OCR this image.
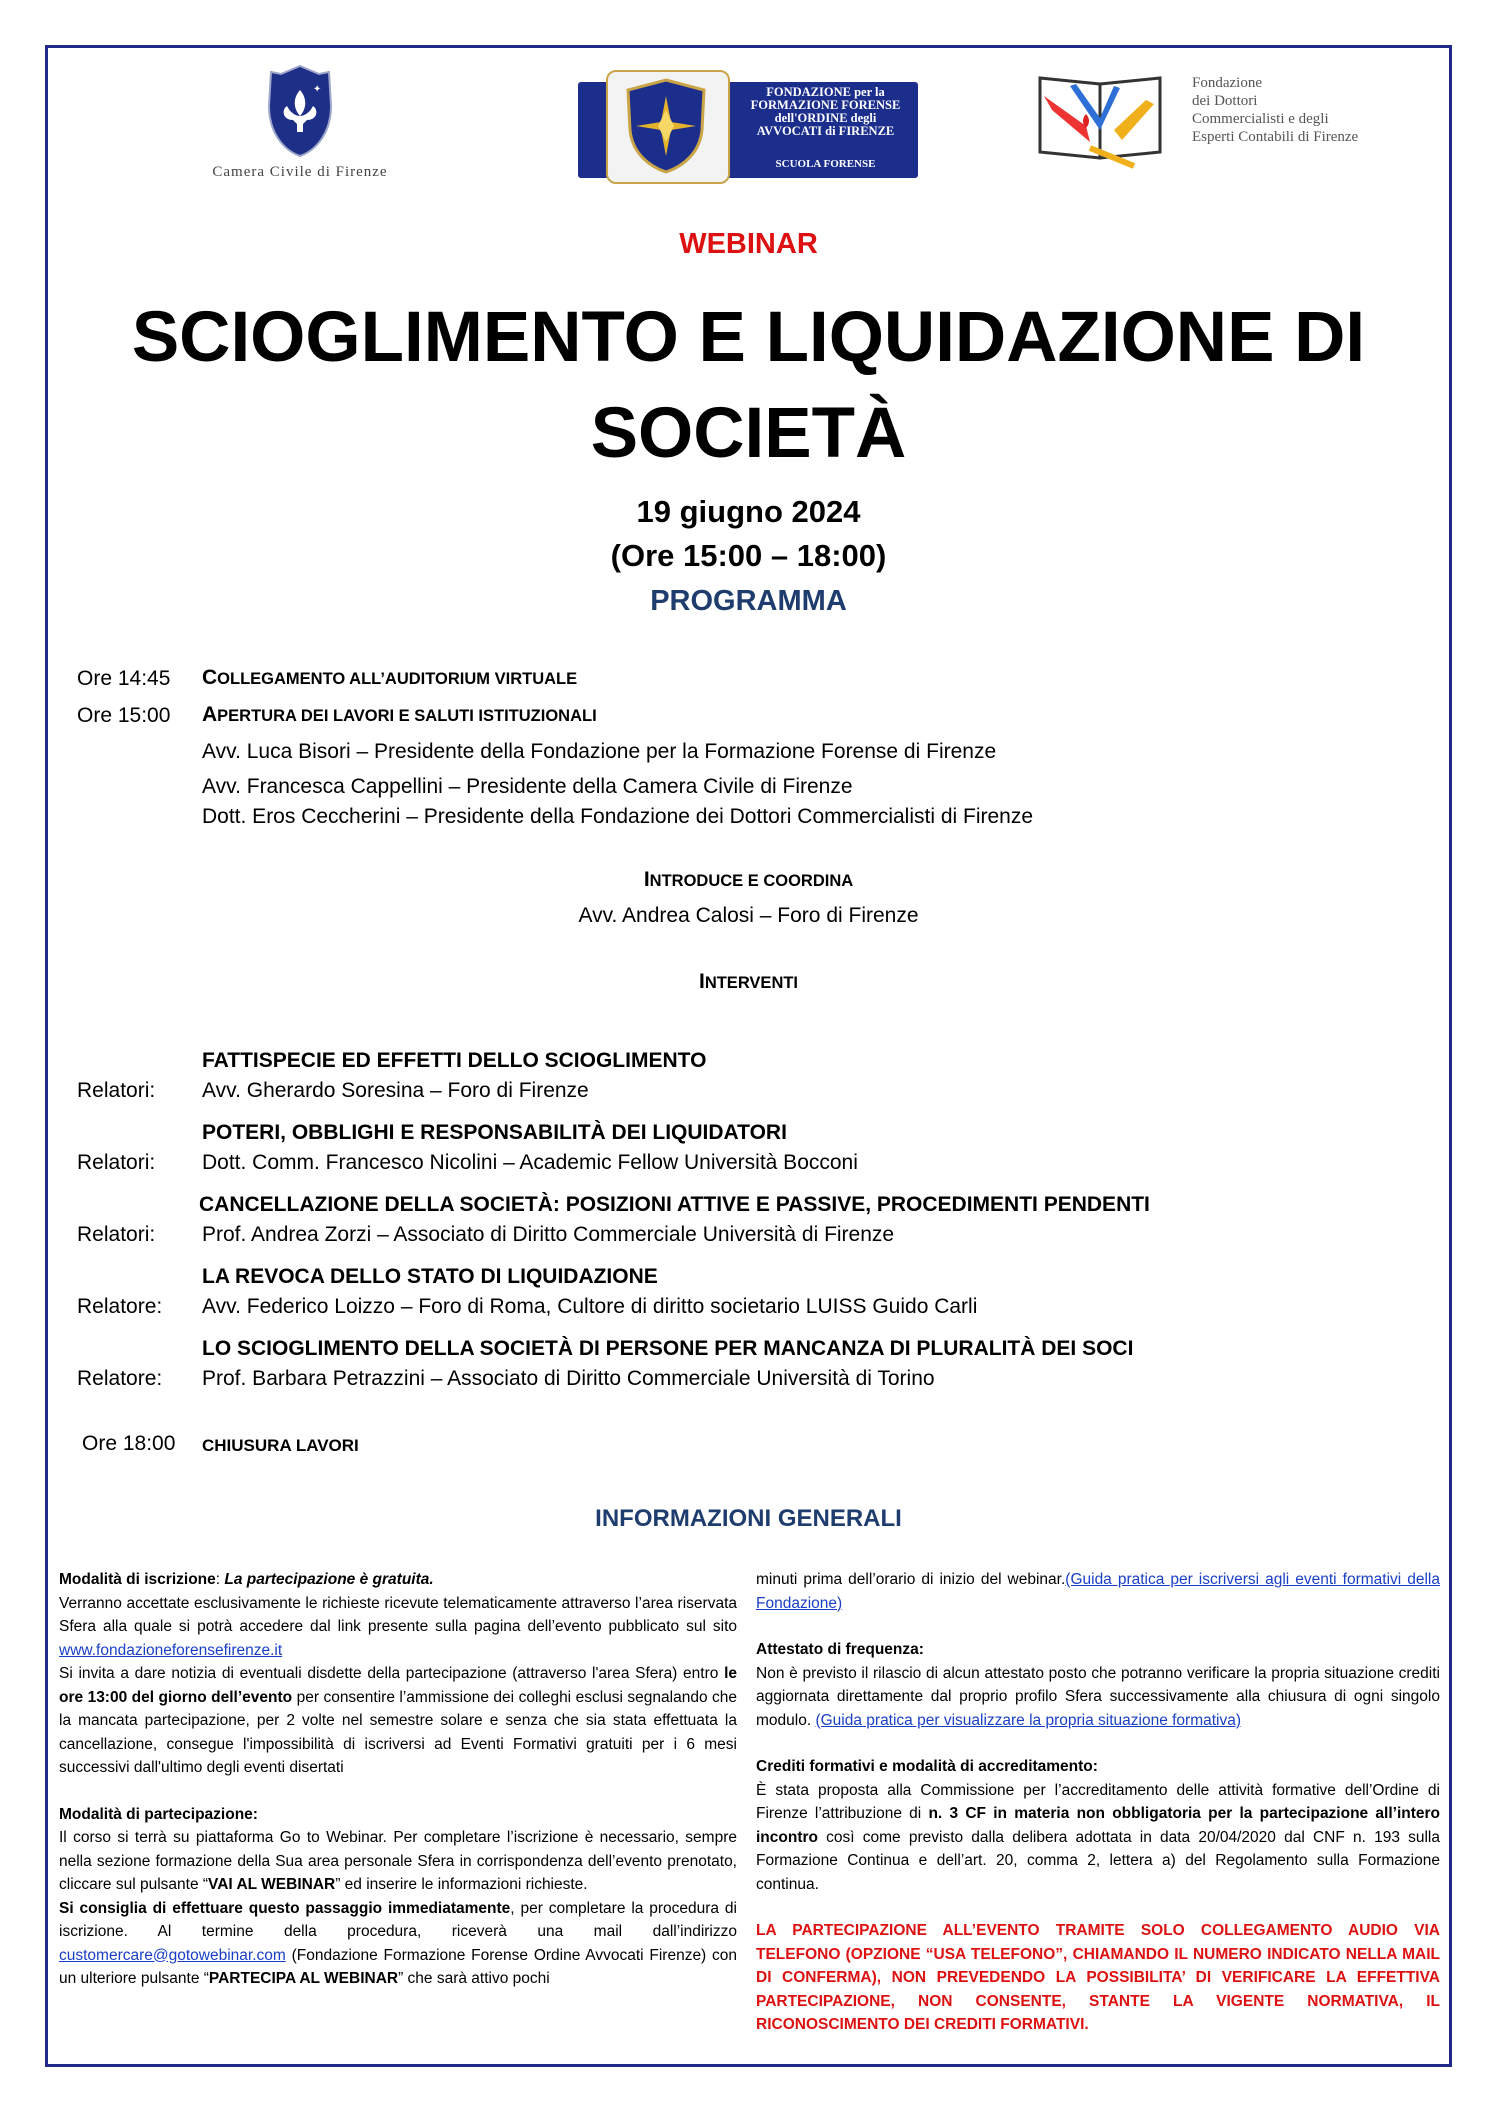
✦
Camera Civile di Firenze
FONDAZIONE per la
FORMAZIONE FORENSE
dell'ORDINE degli
AVVOCATI di FIRENZE
SCUOLA FORENSE
Fondazione
dei Dottori
Commercialisti e degli
Esperti Contabili di Firenze
WEBINAR
SCIOGLIMENTO E LIQUIDAZIONE DI
SOCIETÀ
19 giugno 2024
(Ore 15:00 – 18:00)
PROGRAMMA
Ore 14:45 COLLEGAMENTO ALL’AUDITORIUM VIRTUALE
Ore 15:00 APERTURA DEI LAVORI E SALUTI ISTITUZIONALI
Avv. Luca Bisori – Presidente della Fondazione per la Formazione Forense di Firenze
Avv. Francesca Cappellini – Presidente della Camera Civile di Firenze
Dott. Eros Ceccherini – Presidente della Fondazione dei Dottori Commercialisti di Firenze
INTRODUCE E COORDINA
Avv. Andrea Calosi – Foro di Firenze
INTERVENTI
FATTISPECIE ED EFFETTI DELLO SCIOGLIMENTO
Relatori: Avv. Gherardo Soresina – Foro di Firenze
POTERI, OBBLIGHI E RESPONSABILITÀ DEI LIQUIDATORI
Relatori: Dott. Comm. Francesco Nicolini – Academic Fellow Università Bocconi
CANCELLAZIONE DELLA SOCIETÀ: POSIZIONI ATTIVE E PASSIVE, PROCEDIMENTI PENDENTI
Relatori: Prof. Andrea Zorzi – Associato di Diritto Commerciale Università di Firenze
LA REVOCA DELLO STATO DI LIQUIDAZIONE
Relatore: Avv. Federico Loizzo – Foro di Roma, Cultore di diritto societario LUISS Guido Carli
LO SCIOGLIMENTO DELLA SOCIETÀ DI PERSONE PER MANCANZA DI PLURALITÀ DEI SOCI
Relatore: Prof. Barbara Petrazzini – Associato di Diritto Commerciale Università di Torino
Ore 18:00 CHIUSURA LAVORI
INFORMAZIONI GENERALI

Modalità di iscrizione: La partecipazione è gratuita.

Verranno accettate esclusivamente le richieste ricevute telematicamente attraverso l’area riservata Sfera alla quale si potrà accedere dal link presente sulla pagina dell’evento pubblicato sul sito www.fondazioneforensefirenze.it

Si invita a dare notizia di eventuali disdette della partecipazione (attraverso l'area Sfera) entro le ore 13:00 del giorno dell’evento per consentire l’ammissione dei colleghi esclusi segnalando che la mancata partecipazione, per 2 volte nel semestre solare e senza che sia stata effettuata la cancellazione, consegue l'impossibilità di iscriversi ad Eventi Formativi gratuiti per i 6 mesi successivi dall'ultimo degli eventi disertati

Modalità di partecipazione:

Il corso si terrà su piattaforma Go to Webinar. Per completare l’iscrizione è necessario, sempre nella sezione formazione della Sua area personale Sfera in corrispondenza dell’evento prenotato, cliccare sul pulsante “VAI AL WEBINAR” ed inserire le informazioni richieste.

Si consiglia di effettuare questo passaggio immediatamente, per completare la procedura di iscrizione. Al termine della procedura, riceverà una mail dall’indirizzo customercare@gotowebinar.com (Fondazione Formazione Forense Ordine Avvocati Firenze) con un ulteriore pulsante “PARTECIPA AL WEBINAR” che sarà attivo pochi

minuti prima dell’orario di inizio del webinar.(Guida pratica per iscriversi agli eventi formativi della Fondazione)

Attestato di frequenza:

Non è previsto il rilascio di alcun attestato posto che potranno verificare la propria situazione crediti aggiornata direttamente dal proprio profilo Sfera successivamente alla chiusura di ogni singolo modulo. (Guida pratica per visualizzare la propria situazione formativa)

Crediti formativi e modalità di accreditamento:

È stata proposta alla Commissione per l’accreditamento delle attività formative dell’Ordine di Firenze l’attribuzione di n. 3 CF in materia non obbligatoria per la partecipazione all’intero incontro così come previsto dalla delibera adottata in data 20/04/2020 dal CNF n. 193 sulla Formazione Continua e dell’art. 20, comma 2, lettera a) del Regolamento sulla Formazione continua.

LA PARTECIPAZIONE ALL’EVENTO TRAMITE SOLO COLLEGAMENTO AUDIO VIA TELEFONO (OPZIONE “USA TELEFONO”, CHIAMANDO IL NUMERO INDICATO NELLA MAIL DI CONFERMA), NON PREVEDENDO LA POSSIBILITA’ DI VERIFICARE LA EFFETTIVA PARTECIPAZIONE, NON CONSENTE, STANTE LA VIGENTE NORMATIVA, IL RICONOSCIMENTO DEI CREDITI FORMATIVI.
